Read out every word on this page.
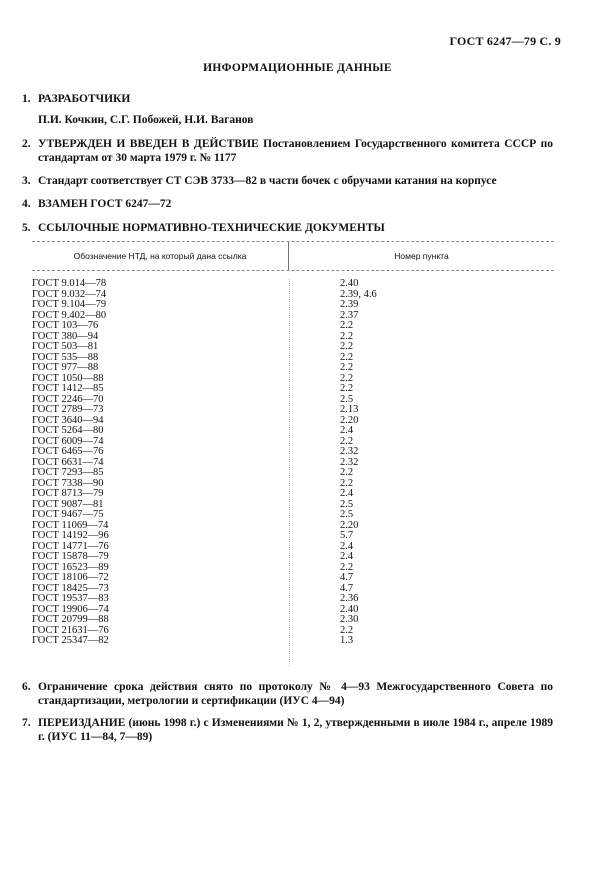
ГОСТ 6247—79 С. 9
ИНФОРМАЦИОННЫЕ ДАННЫЕ
1. РАЗРАБОТЧИКИ
П.И. Кочкин, С.Г. Побожей, Н.И. Ваганов
2. УТВЕРЖДЕН И ВВЕДЕН В ДЕЙСТВИЕ Постановлением Государственного комитета СССР по стандартам от 30 марта 1979 г. № 1177
3. Стандарт соответствует СТ СЭВ 3733—82 в части бочек с обручами катания на корпусе
4. ВЗАМЕН ГОСТ 6247—72
5. ССЫЛОЧНЫЕ НОРМАТИВНО-ТЕХНИЧЕСКИЕ ДОКУМЕНТЫ
Обозначение НТД, на который дана ссылка	Номер пункта
ГОСТ 9.014—78	2.40
ГОСТ 9.032—74	2.39, 4.6
ГОСТ 9.104—79	2.39
ГОСТ 9.402—80	2.37
ГОСТ 103—76	2.2
ГОСТ 380—94	2.2
ГОСТ 503—81	2.2
ГОСТ 535—88	2.2
ГОСТ 977—88	2.2
ГОСТ 1050—88	2.2
ГОСТ 1412—85	2.2
ГОСТ 2246—70	2.5
ГОСТ 2789—73	2.13
ГОСТ 3640—94	2.20
ГОСТ 5264—80	2.4
ГОСТ 6009—74	2.2
ГОСТ 6465—76	2.32
ГОСТ 6631—74	2.32
ГОСТ 7293—85	2.2
ГОСТ 7338—90	2.2
ГОСТ 8713—79	2.4
ГОСТ 9087—81	2.5
ГОСТ 9467—75	2.5
ГОСТ 11069—74	2.20
ГОСТ 14192—96	5.7
ГОСТ 14771—76	2.4
ГОСТ 15878—79	2.4
ГОСТ 16523—89	2.2
ГОСТ 18106—72	4.7
ГОСТ 18425—73	4.7
ГОСТ 19537—83	2.36
ГОСТ 19906—74	2.40
ГОСТ 20799—88	2.30
ГОСТ 21631—76	2.2
ГОСТ 25347—82	1.3
6. Ограничение срока действия снято по протоколу № 4—93 Межгосударственного Совета по стандартизации, метрологии и сертификации (ИУС 4—94)
7. ПЕРЕИЗДАНИЕ (июнь 1998 г.) с Изменениями № 1, 2, утвержденными в июле 1984 г., апреле 1989 г. (ИУС 11—84, 7—89)
